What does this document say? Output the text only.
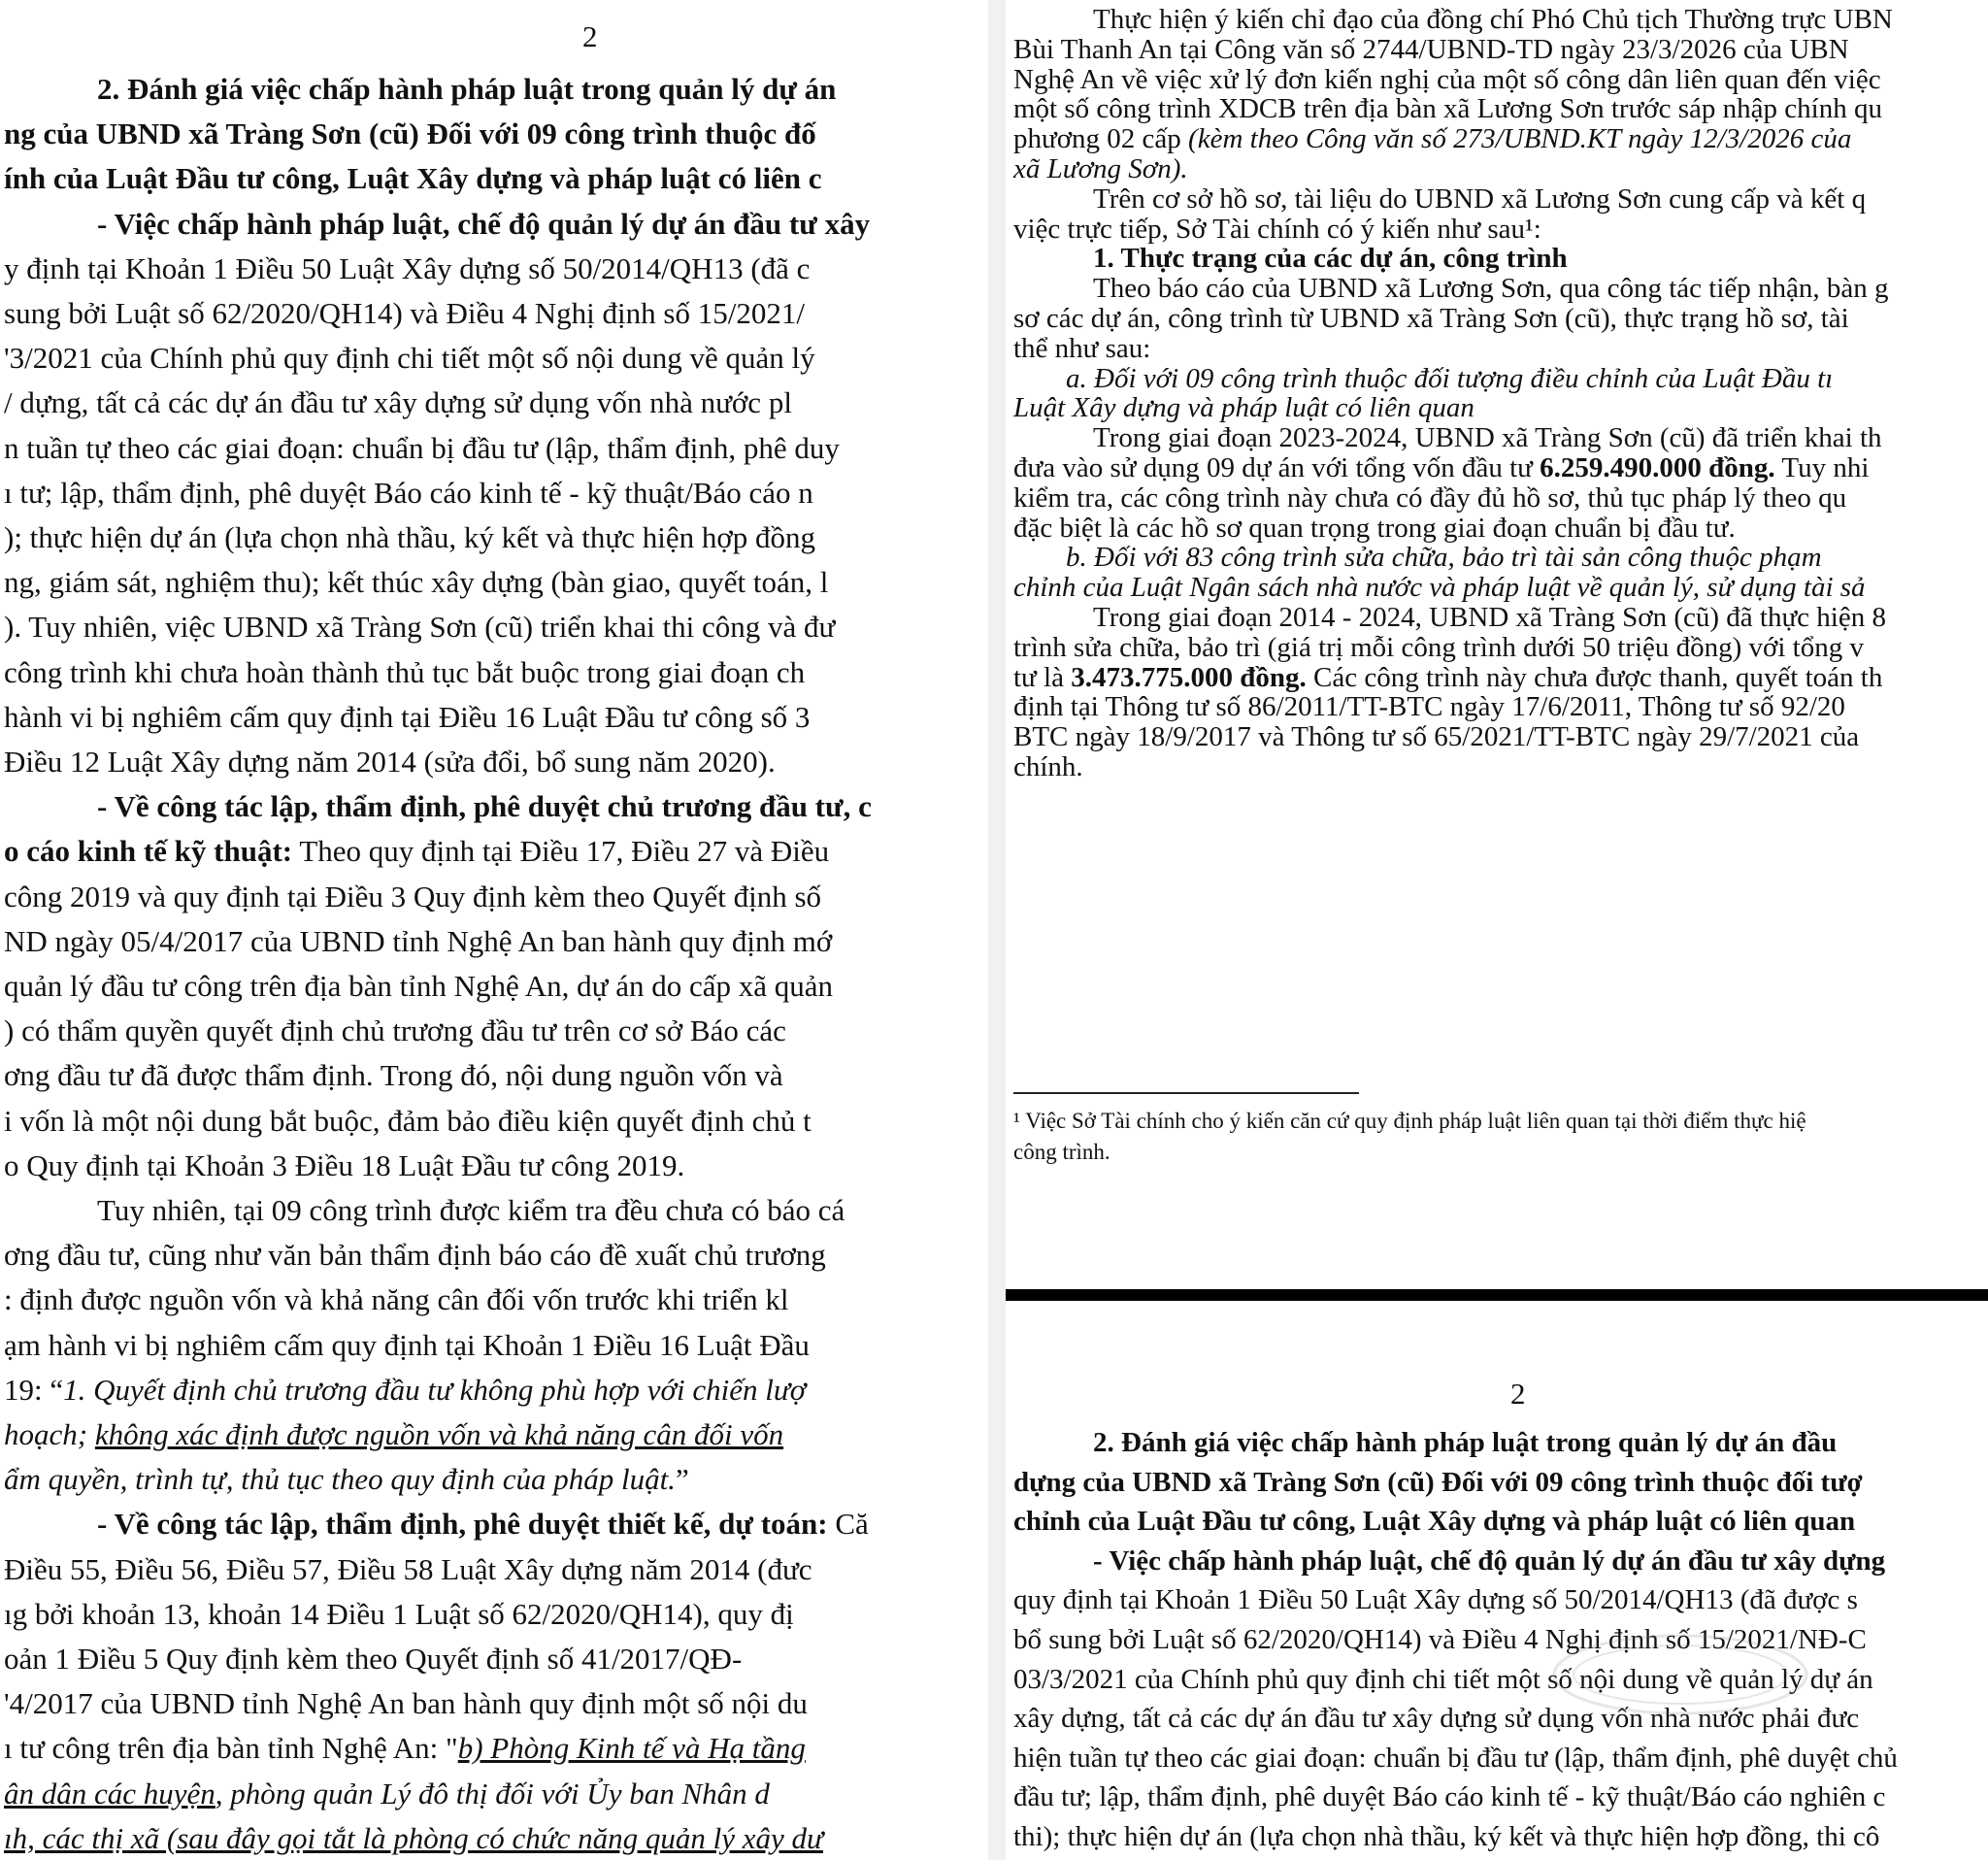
2
2. Đánh giá việc chấp hành pháp luật trong quản lý dự án
ng của UBND xã Tràng Sơn (cũ) Đối với 09 công trình thuộc đố
ính của Luật Đầu tư công, Luật Xây dựng và pháp luật có liên c
- Việc chấp hành pháp luật, chế độ quản lý dự án đầu tư xây
y định tại Khoản 1 Điều 50 Luật Xây dựng số 50/2014/QH13 (đã c
sung bởi Luật số 62/2020/QH14) và Điều 4 Nghị định số 15/2021/
'3/2021 của Chính phủ quy định chi tiết một số nội dung về quản lý
/ dựng, tất cả các dự án đầu tư xây dựng sử dụng vốn nhà nước pl
n tuần tự theo các giai đoạn: chuẩn bị đầu tư (lập, thẩm định, phê duy
ı tư; lập, thẩm định, phê duyệt Báo cáo kinh tế - kỹ thuật/Báo cáo n
); thực hiện dự án (lựa chọn nhà thầu, ký kết và thực hiện hợp đồng
ng, giám sát, nghiệm thu); kết thúc xây dựng (bàn giao, quyết toán, l
). Tuy nhiên, việc UBND xã Tràng Sơn (cũ) triển khai thi công và đư
công trình khi chưa hoàn thành thủ tục bắt buộc trong giai đoạn ch
hành vi bị nghiêm cấm quy định tại Điều 16 Luật Đầu tư công số 3
Điều 12 Luật Xây dựng năm 2014 (sửa đổi, bổ sung năm 2020).
- Về công tác lập, thẩm định, phê duyệt chủ trương đầu tư, c
o cáo kinh tế kỹ thuật: Theo quy định tại Điều 17, Điều 27 và Điều
công 2019 và quy định tại Điều 3 Quy định kèm theo Quyết định số
ND ngày 05/4/2017 của UBND tỉnh Nghệ An ban hành quy định mớ
quản lý đầu tư công trên địa bàn tỉnh Nghệ An, dự án do cấp xã quản
) có thẩm quyền quyết định chủ trương đầu tư trên cơ sở Báo các
ơng đầu tư đã được thẩm định. Trong đó, nội dung nguồn vốn và
i vốn là một nội dung bắt buộc, đảm bảo điều kiện quyết định chủ t
o Quy định tại Khoản 3 Điều 18 Luật Đầu tư công 2019.
Tuy nhiên, tại 09 công trình được kiểm tra đều chưa có báo cá
ơng đầu tư, cũng như văn bản thẩm định báo cáo đề xuất chủ trương
: định được nguồn vốn và khả năng cân đối vốn trước khi triển kl
ạm hành vi bị nghiêm cấm quy định tại Khoản 1 Điều 16 Luật Đầu
19: “1. Quyết định chủ trương đầu tư không phù hợp với chiến lượ
hoạch; không xác định được nguồn vốn và khả năng cân đối vốn
ẩm quyền, trình tự, thủ tục theo quy định của pháp luật.”
- Về công tác lập, thẩm định, phê duyệt thiết kế, dự toán: Că
Điều 55, Điều 56, Điều 57, Điều 58 Luật Xây dựng năm 2014 (đưc
ıg bởi khoản 13, khoản 14 Điều 1 Luật số 62/2020/QH14), quy đị
oản 1 Điều 5 Quy định kèm theo Quyết định số 41/2017/QĐ-
'4/2017 của UBND tỉnh Nghệ An ban hành quy định một số nội du
ı tư công trên địa bàn tỉnh Nghệ An: "b) Phòng Kinh tế và Hạ tầng
ân dân các huyện, phòng quản Lý đô thị đối với Ủy ban Nhân d
ıh, các thị xã (sau đây gọi tắt là phòng có chức năng quản lý xây dư
Thực hiện ý kiến chỉ đạo của đồng chí Phó Chủ tịch Thường trực UBN
Bùi Thanh An tại Công văn số 2744/UBND-TD ngày 23/3/2026 của UBN
Nghệ An về việc xử lý đơn kiến nghị của một số công dân liên quan đến việc
một số công trình XDCB trên địa bàn xã Lương Sơn trước sáp nhập chính qu
phương 02 cấp (kèm theo Công văn số 273/UBND.KT ngày 12/3/2026 của
xã Lương Sơn).
Trên cơ sở hồ sơ, tài liệu do UBND xã Lương Sơn cung cấp và kết q
việc trực tiếp, Sở Tài chính có ý kiến như sau¹:
1. Thực trạng của các dự án, công trình
Theo báo cáo của UBND xã Lương Sơn, qua công tác tiếp nhận, bàn g
sơ các dự án, công trình từ UBND xã Tràng Sơn (cũ), thực trạng hồ sơ, tài
thể như sau:
a. Đối với 09 công trình thuộc đối tượng điều chỉnh của Luật Đầu tı
Luật Xây dựng và pháp luật có liên quan
Trong giai đoạn 2023-2024, UBND xã Tràng Sơn (cũ) đã triển khai th
đưa vào sử dụng 09 dự án với tổng vốn đầu tư 6.259.490.000 đồng. Tuy nhi
kiểm tra, các công trình này chưa có đầy đủ hồ sơ, thủ tục pháp lý theo qu
đặc biệt là các hồ sơ quan trọng trong giai đoạn chuẩn bị đầu tư.
b. Đối với 83 công trình sửa chữa, bảo trì tài sản công thuộc phạm
chỉnh của Luật Ngân sách nhà nước và pháp luật về quản lý, sử dụng tài sả
Trong giai đoạn 2014 - 2024, UBND xã Tràng Sơn (cũ) đã thực hiện 8
trình sửa chữa, bảo trì (giá trị mỗi công trình dưới 50 triệu đồng) với tổng v
tư là 3.473.775.000 đồng. Các công trình này chưa được thanh, quyết toán th
định tại Thông tư số 86/2011/TT-BTC ngày 17/6/2011, Thông tư số 92/20
BTC ngày 18/9/2017 và Thông tư số 65/2021/TT-BTC ngày 29/7/2021 của
chính.
¹ Việc Sở Tài chính cho ý kiến căn cứ quy định pháp luật liên quan tại thời điểm thực hiệ
công trình.
2
2. Đánh giá việc chấp hành pháp luật trong quản lý dự án đầu
dựng của UBND xã Tràng Sơn (cũ) Đối với 09 công trình thuộc đối tượ
chỉnh của Luật Đầu tư công, Luật Xây dựng và pháp luật có liên quan
- Việc chấp hành pháp luật, chế độ quản lý dự án đầu tư xây dựng
quy định tại Khoản 1 Điều 50 Luật Xây dựng số 50/2014/QH13 (đã được s
bổ sung bởi Luật số 62/2020/QH14) và Điều 4 Nghị định số 15/2021/NĐ-C
03/3/2021 của Chính phủ quy định chi tiết một số nội dung về quản lý dự án
xây dựng, tất cả các dự án đầu tư xây dựng sử dụng vốn nhà nước phải đưc
hiện tuần tự theo các giai đoạn: chuẩn bị đầu tư (lập, thẩm định, phê duyệt chủ
đầu tư; lập, thẩm định, phê duyệt Báo cáo kinh tế - kỹ thuật/Báo cáo nghiên c
thi); thực hiện dự án (lựa chọn nhà thầu, ký kết và thực hiện hợp đồng, thi cô
